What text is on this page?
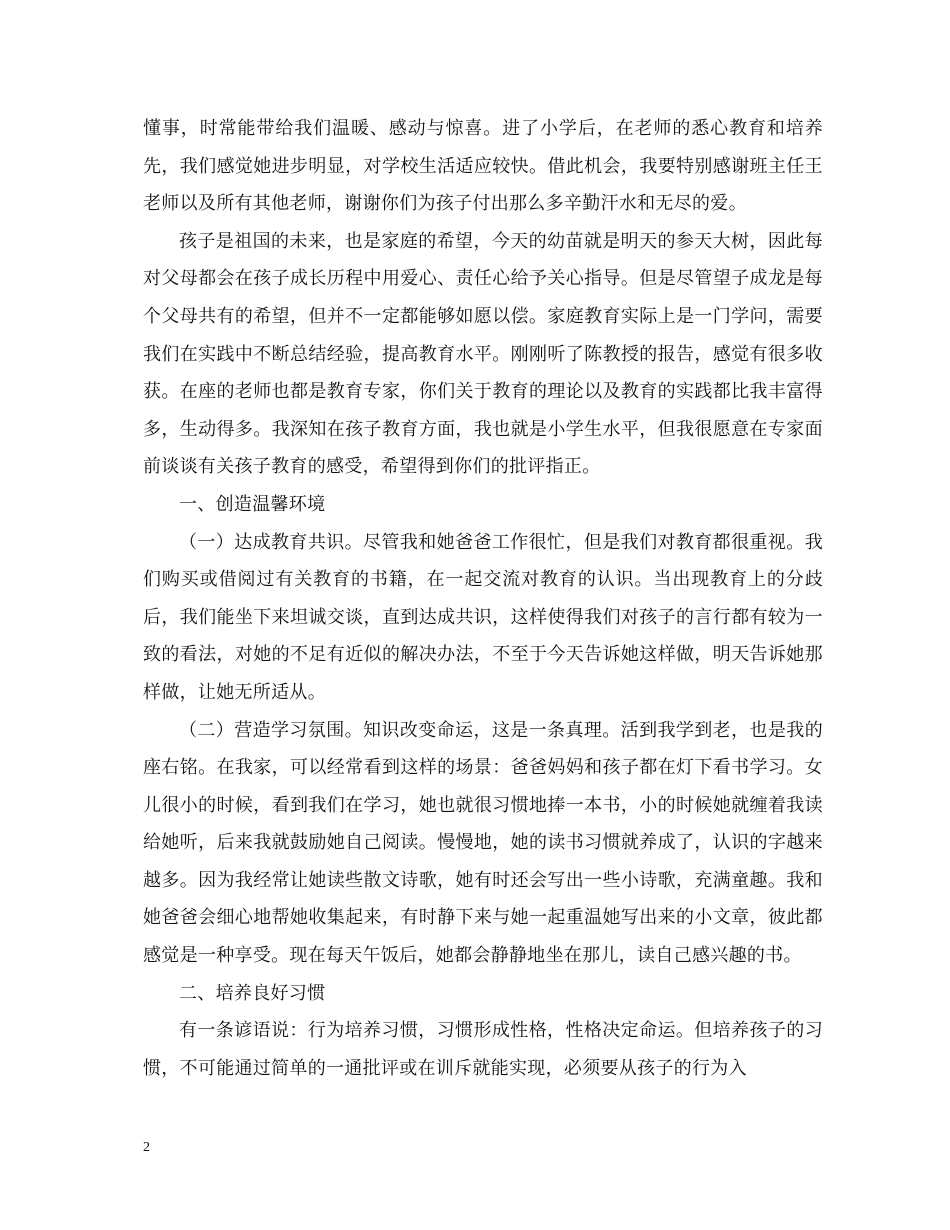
懂事，时常能带给我们温暖、感动与惊喜。进了小学后，在老师的悉心教育和培养先，我们感觉她进步明显，对学校生活适应较快。借此机会，我要特别感谢班主任王老师以及所有其他老师，谢谢你们为孩子付出那么多辛勤汗水和无尽的爱。

孩子是祖国的未来，也是家庭的希望，今天的幼苗就是明天的参天大树，因此每对父母都会在孩子成长历程中用爱心、责任心给予关心指导。但是尽管望子成龙是每个父母共有的希望，但并不一定都能够如愿以偿。家庭教育实际上是一门学问，需要我们在实践中不断总结经验，提高教育水平。刚刚听了陈教授的报告，感觉有很多收获。在座的老师也都是教育专家，你们关于教育的理论以及教育的实践都比我丰富得多，生动得多。我深知在孩子教育方面，我也就是小学生水平，但我很愿意在专家面前谈谈有关孩子教育的感受，希望得到你们的批评指正。

一、创造温馨环境

（一）达成教育共识。尽管我和她爸爸工作很忙，但是我们对教育都很重视。我们购买或借阅过有关教育的书籍，在一起交流对教育的认识。当出现教育上的分歧后，我们能坐下来坦诚交谈，直到达成共识，这样使得我们对孩子的言行都有较为一致的看法，对她的不足有近似的解决办法，不至于今天告诉她这样做，明天告诉她那样做，让她无所适从。

（二）营造学习氛围。知识改变命运，这是一条真理。活到我学到老，也是我的座右铭。在我家，可以经常看到这样的场景：爸爸妈妈和孩子都在灯下看书学习。女儿很小的时候，看到我们在学习，她也就很习惯地捧一本书，小的时候她就缠着我读给她听，后来我就鼓励她自己阅读。慢慢地，她的读书习惯就养成了，认识的字越来越多。因为我经常让她读些散文诗歌，她有时还会写出一些小诗歌，充满童趣。我和她爸爸会细心地帮她收集起来，有时静下来与她一起重温她写出来的小文章，彼此都感觉是一种享受。现在每天午饭后，她都会静静地坐在那儿，读自己感兴趣的书。

二、培养良好习惯

有一条谚语说：行为培养习惯，习惯形成性格，性格决定命运。但培养孩子的习惯，不可能通过简单的一通批评或在训斥就能实现，必须要从孩子的行为入

2
